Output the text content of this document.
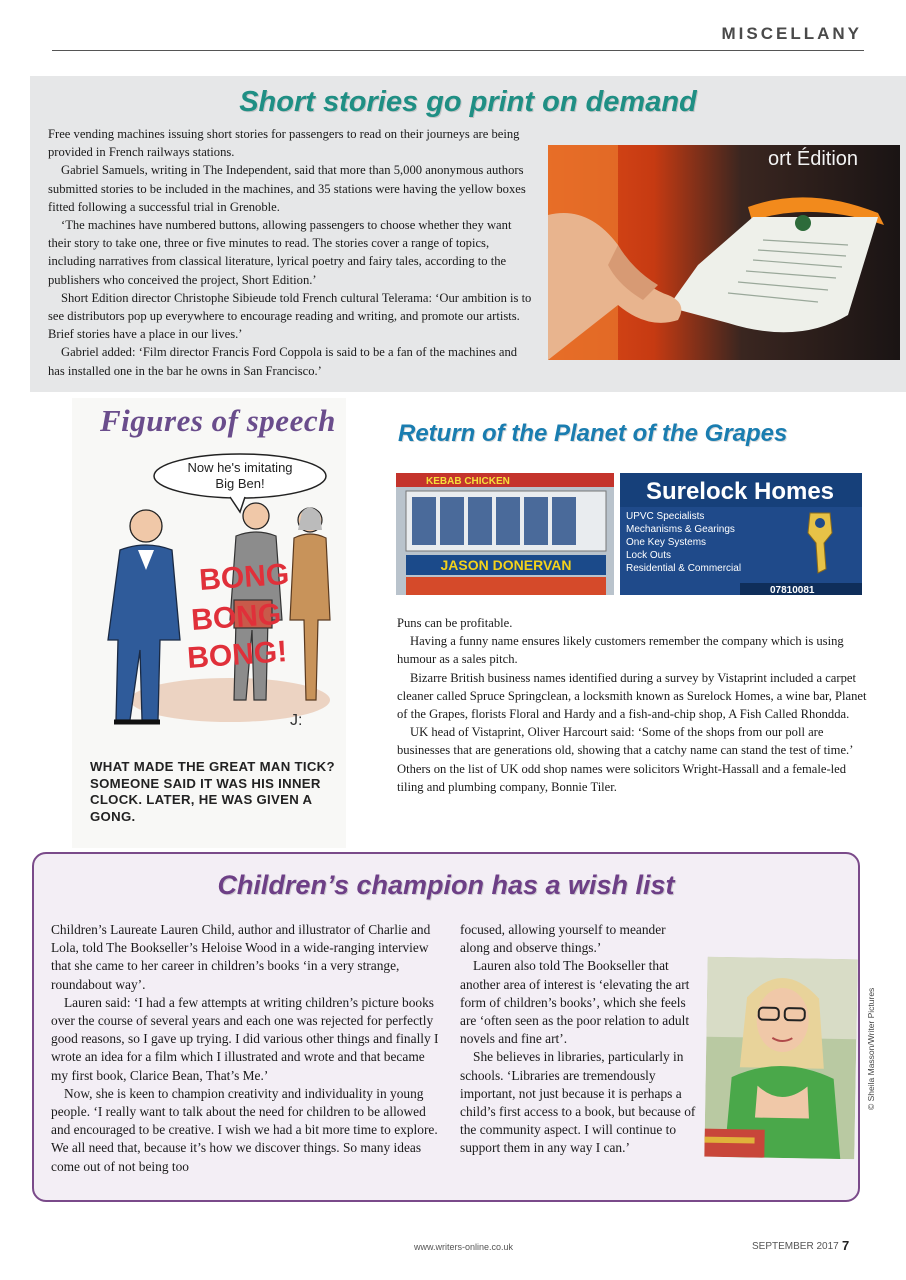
MISCELLANY
Short stories go print on demand

Free vending machines issuing short stories for passengers to read on their journeys are being provided in French railways stations.

Gabriel Samuels, writing in The Independent, said that more than 5,000 anonymous authors submitted stories to be included in the machines, and 35 stations were having the yellow boxes fitted following a successful trial in Grenoble.

‘The machines have numbered buttons, allowing passengers to choose whether they want their story to take one, three or five minutes to read. The stories cover a range of topics, including narratives from classical literature, lyrical poetry and fairy tales, according to the publishers who conceived the project, Short Edition.’

Short Edition director Christophe Sibieude told French cultural Telerama: ‘Our ambition is to see distributors pop up everywhere to encourage reading and writing, and promote our artists. Brief stories have a place in our lives.’

Gabriel added: ‘Film director Francis Ford Coppola is said to be a fan of the machines and has installed one in the bar he owns in San Francisco.’

ort Édition
Figures of speech
Now he's imitating
Big Ben!
BONG
BONG
BONG!
J:
WHAT MADE THE GREAT MAN TICK? SOMEONE SAID IT WAS HIS INNER CLOCK. LATER, HE WAS GIVEN A GONG.
Return of the Planet of the Grapes
KEBAB CHICKEN
JASON DONERVAN
Surelock Homes
UPVC Specialists
Mechanisms & Gearings
One Key Systems
Lock Outs
Residential & Commercial
07810081

Puns can be profitable.

Having a funny name ensures likely customers remember the company which is using humour as a sales pitch.

Bizarre British business names identified during a survey by Vistaprint included a carpet cleaner called Spruce Springclean, a locksmith known as Surelock Homes, a wine bar, Planet of the Grapes, florists Floral and Hardy and a fish-and-chip shop, A Fish Called Rhondda.

UK head of Vistaprint, Oliver Harcourt said: ‘Some of the shops from our poll are businesses that are generations old, showing that a catchy name can stand the test of time.’ Others on the list of UK odd shop names were solicitors Wright-Hassall and a female-led tiling and plumbing company, Bonnie Tiler.

Children’s champion has a wish list

Children’s Laureate Lauren Child, author and illustrator of Charlie and Lola, told The Bookseller’s Heloise Wood in a wide-ranging interview that she came to her career in children’s books ‘in a very strange, roundabout way’.

Lauren said: ‘I had a few attempts at writing children’s picture books over the course of several years and each one was rejected for perfectly good reasons, so I gave up trying. I did various other things and finally I wrote an idea for a film which I illustrated and wrote and that became my first book, Clarice Bean, That’s Me.’

Now, she is keen to champion creativity and individuality in young people. ‘I really want to talk about the need for children to be allowed and encouraged to be creative. I wish we had a bit more time to explore. We all need that, because it’s how we discover things. So many ideas come out of not being too

focused, allowing yourself to meander along and observe things.’

Lauren also told The Bookseller that another area of interest is ‘elevating the art form of children’s books’, which she feels are ‘often seen as the poor relation to adult novels and fine art’.

She believes in libraries, particularly in schools. ‘Libraries are tremendously important, not just because it is perhaps a child’s first access to a book, but because of the community aspect. I will continue to support them in any way I can.’

© Sheila Masson/Writer Pictures
www.writers-online.co.uk	SEPTEMBER 2017 7
